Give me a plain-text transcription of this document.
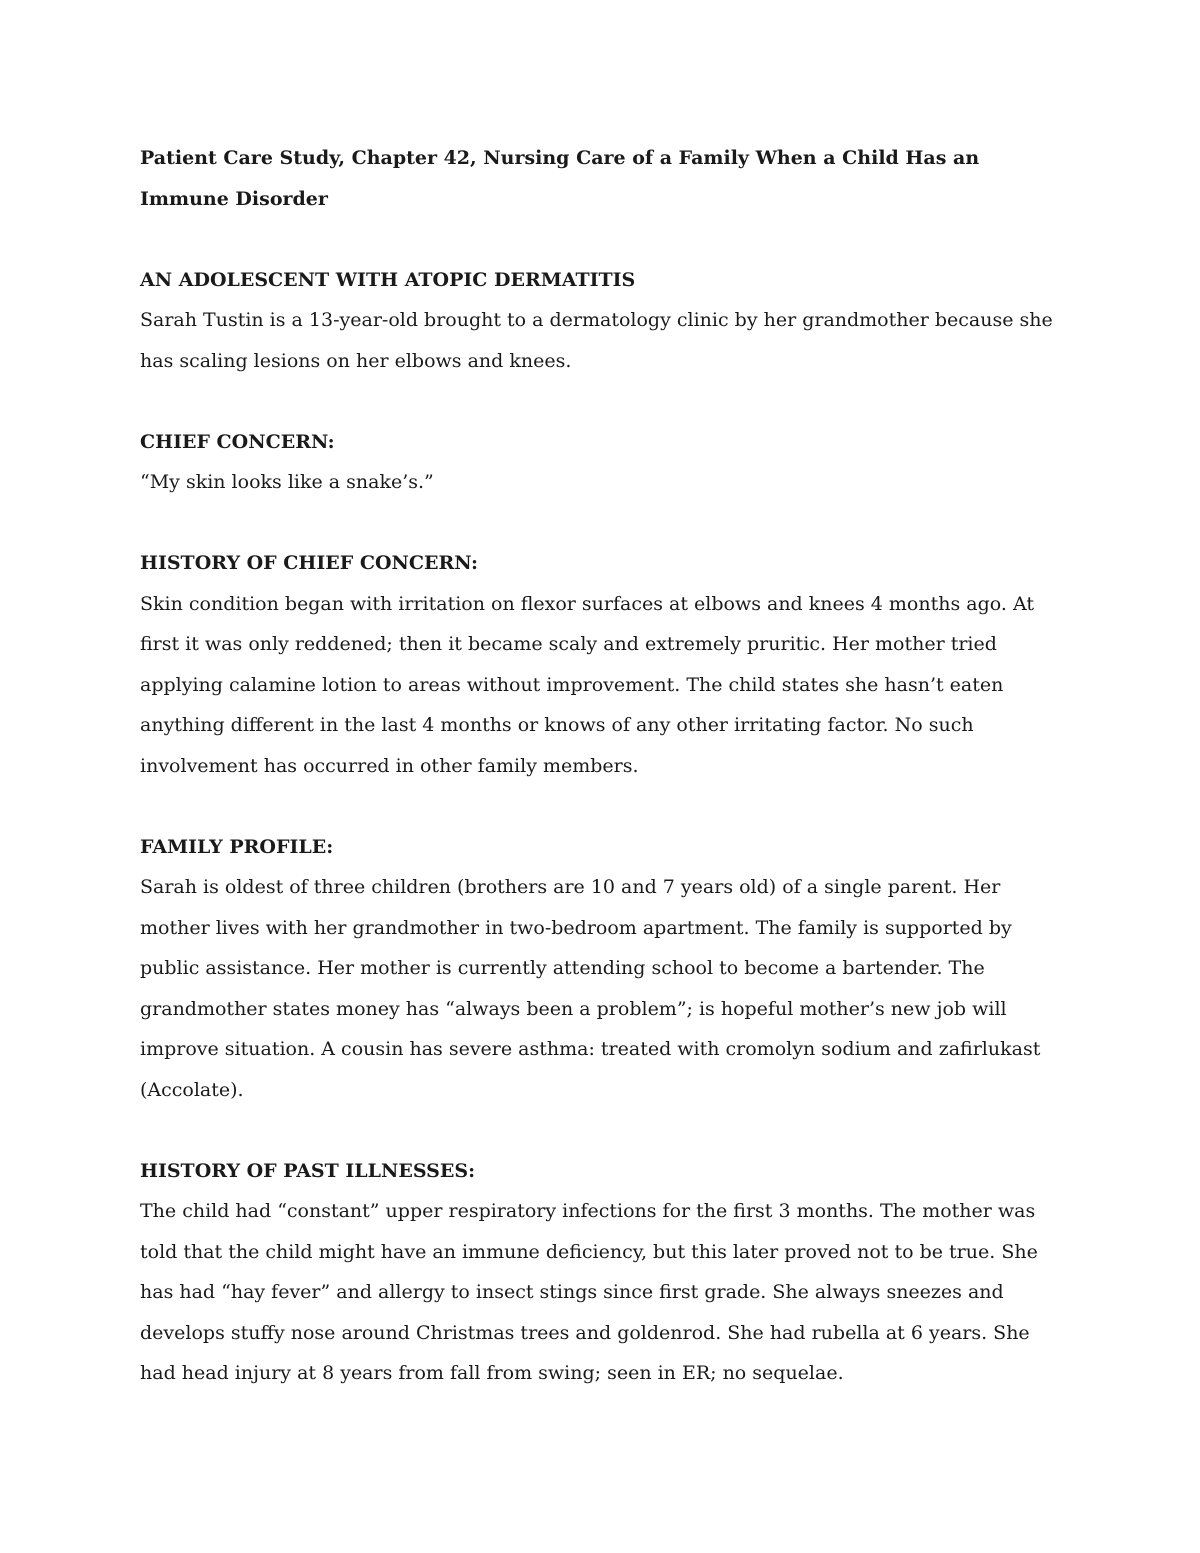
Patient Care Study, Chapter 42, Nursing Care of a Family When a Child Has an Immune Disorder

AN ADOLESCENT WITH ATOPIC DERMATITIS

Sarah Tustin is a 13-year-old brought to a dermatology clinic by her grandmother because she has scaling lesions on her elbows and knees.

CHIEF CONCERN:

“My skin looks like a snake’s.”

HISTORY OF CHIEF CONCERN:

Skin condition began with irritation on flexor surfaces at elbows and knees 4 months ago. At first it was only reddened; then it became scaly and extremely pruritic. Her mother tried applying calamine lotion to areas without improvement. The child states she hasn’t eaten anything different in the last 4 months or knows of any other irritating factor. No such involvement has occurred in other family members.

FAMILY PROFILE:

Sarah is oldest of three children (brothers are 10 and 7 years old) of a single parent. Her mother lives with her grandmother in two-bedroom apartment. The family is supported by public assistance. Her mother is currently attending school to become a bartender. The grandmother states money has “always been a problem”; is hopeful mother’s new job will improve situation. A cousin has severe asthma: treated with cromolyn sodium and zafirlukast (Accolate).

HISTORY OF PAST ILLNESSES:

The child had “constant” upper respiratory infections for the first 3 months. The mother was told that the child might have an immune deficiency, but this later proved not to be true. She has had “hay fever” and allergy to insect stings since first grade. She always sneezes and develops stuffy nose around Christmas trees and goldenrod. She had rubella at 6 years. She had head injury at 8 years from fall from swing; seen in ER; no sequelae.
